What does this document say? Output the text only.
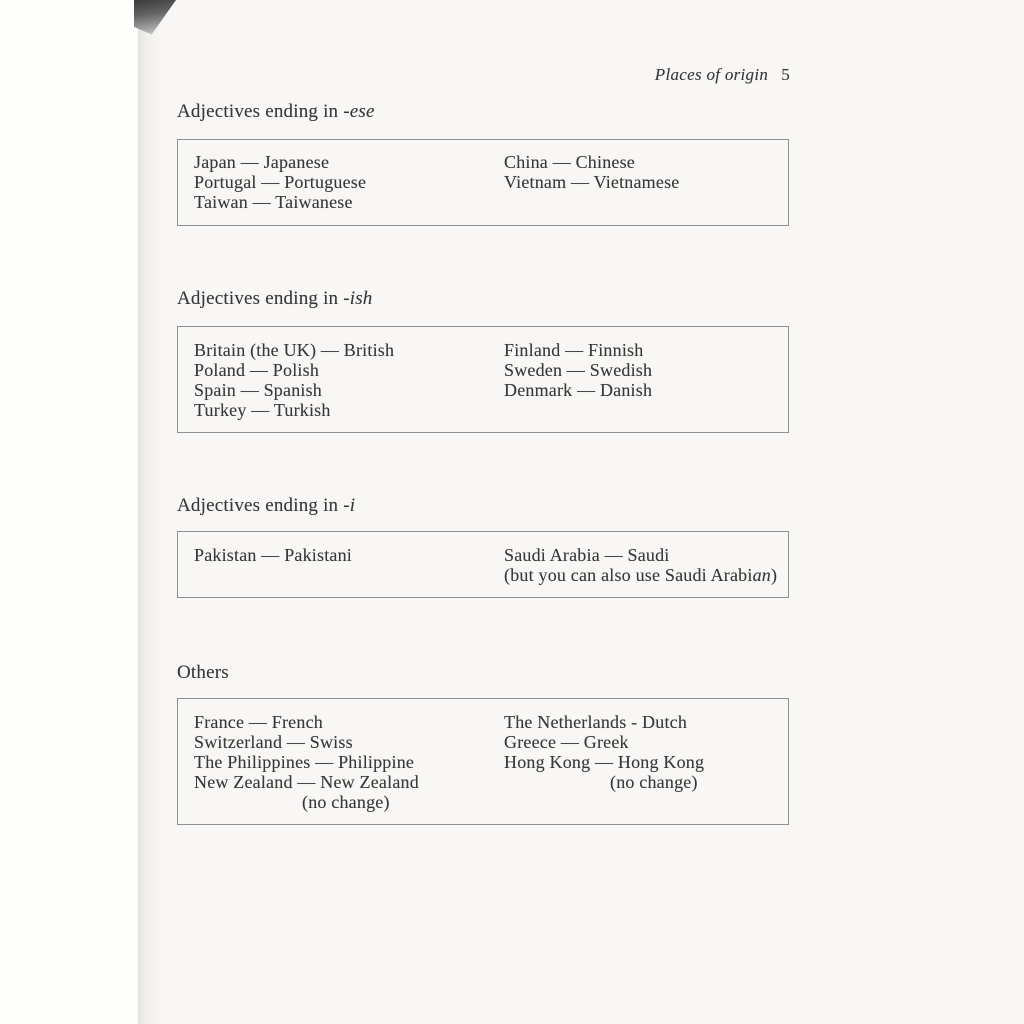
Places of origin 5
Adjectives ending in -ese
Japan — Japanese
Portugal — Portuguese
Taiwan — Taiwanese
China — Chinese
Vietnam — Vietnamese
Adjectives ending in -ish
Britain (the UK) — British
Poland — Polish
Spain — Spanish
Turkey — Turkish
Finland — Finnish
Sweden — Swedish
Denmark — Danish
Adjectives ending in -i
Pakistan — Pakistani	Saudi Arabia — Saudi
(but you can also use Saudi Arabian)
Others
France — French
Switzerland — Swiss
The Philippines — Philippine
New Zealand — New Zealand
(no change)
The Netherlands - Dutch
Greece — Greek
Hong Kong — Hong Kong
(no change)
